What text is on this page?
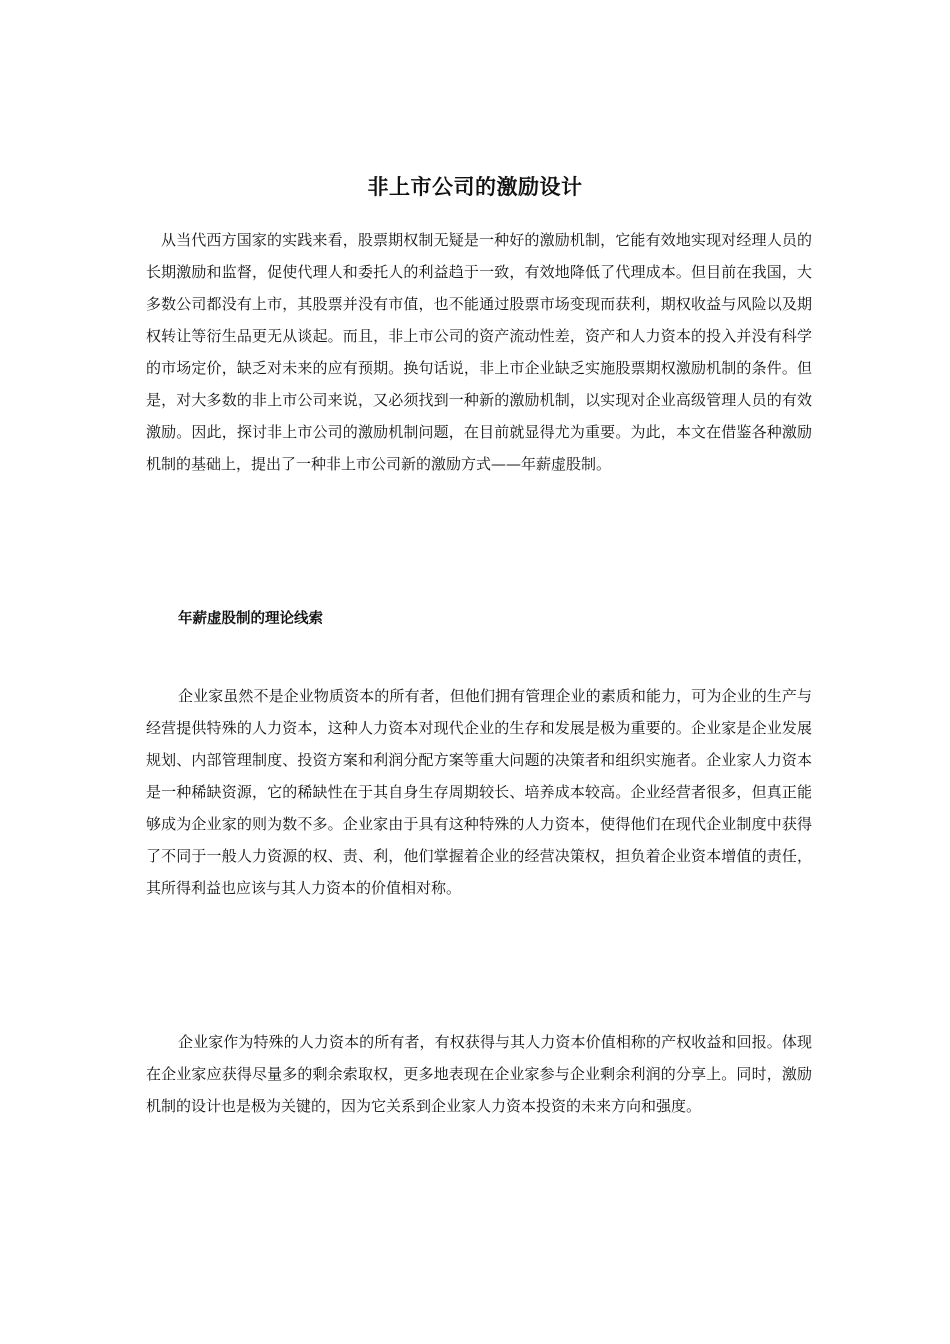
非上市公司的激励设计

从当代西方国家的实践来看，股票期权制无疑是一种好的激励机制，它能有效地实现对经理人员的长期激励和监督，促使代理人和委托人的利益趋于一致，有效地降低了代理成本。但目前在我国，大多数公司都没有上市，其股票并没有市值，也不能通过股票市场变现而获利，期权收益与风险以及期权转让等衍生品更无从谈起。而且，非上市公司的资产流动性差，资产和人力资本的投入并没有科学的市场定价，缺乏对未来的应有预期。换句话说，非上市企业缺乏实施股票期权激励机制的条件。但是，对大多数的非上市公司来说，又必须找到一种新的激励机制，以实现对企业高级管理人员的有效激励。因此，探讨非上市公司的激励机制问题，在目前就显得尤为重要。为此，本文在借鉴各种激励机制的基础上，提出了一种非上市公司新的激励方式——年薪虚股制。

年薪虚股制的理论线索

企业家虽然不是企业物质资本的所有者，但他们拥有管理企业的素质和能力，可为企业的生产与经营提供特殊的人力资本，这种人力资本对现代企业的生存和发展是极为重要的。企业家是企业发展规划、内部管理制度、投资方案和利润分配方案等重大问题的决策者和组织实施者。企业家人力资本是一种稀缺资源，它的稀缺性在于其自身生存周期较长、培养成本较高。企业经营者很多，但真正能够成为企业家的则为数不多。企业家由于具有这种特殊的人力资本，使得他们在现代企业制度中获得了不同于一般人力资源的权、责、利，他们掌握着企业的经营决策权，担负着企业资本增值的责任，其所得利益也应该与其人力资本的价值相对称。

企业家作为特殊的人力资本的所有者，有权获得与其人力资本价值相称的产权收益和回报。体现在企业家应获得尽量多的剩余索取权，更多地表现在企业家参与企业剩余利润的分享上。同时，激励机制的设计也是极为关键的，因为它关系到企业家人力资本投资的未来方向和强度。
